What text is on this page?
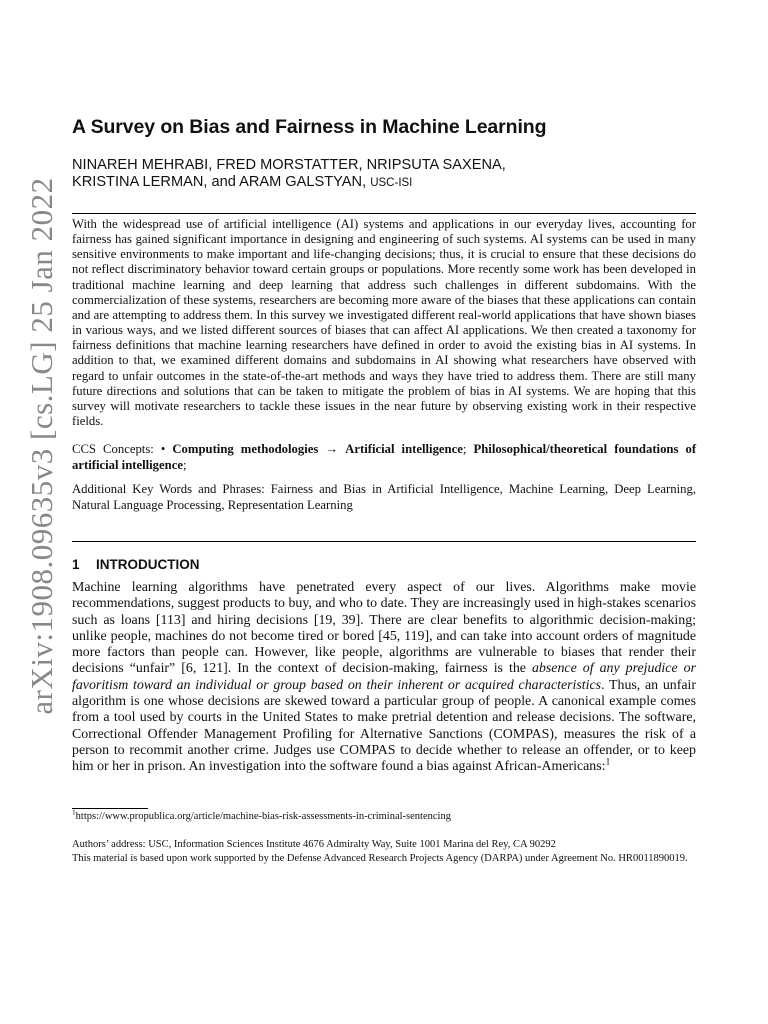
arXiv:1908.09635v3 [cs.LG] 25 Jan 2022
A Survey on Bias and Fairness in Machine Learning
NINAREH MEHRABI, FRED MORSTATTER, NRIPSUTA SAXENA,
KRISTINA LERMAN, and ARAM GALSTYAN, USC-ISI

With the widespread use of artificial intelligence (AI) systems and applications in our everyday lives, accounting for fairness has gained significant importance in designing and engineering of such systems. AI systems can be used in many sensitive environments to make important and life-changing decisions; thus, it is crucial to ensure that these decisions do not reflect discriminatory behavior toward certain groups or populations. More recently some work has been developed in traditional machine learning and deep learning that address such challenges in different subdomains. With the commercialization of these systems, researchers are becoming more aware of the biases that these applications can contain and are attempting to address them. In this survey we investigated different real-world applications that have shown biases in various ways, and we listed different sources of biases that can affect AI applications. We then created a taxonomy for fairness definitions that machine learning researchers have defined in order to avoid the existing bias in AI systems. In addition to that, we examined different domains and subdomains in AI showing what researchers have observed with regard to unfair outcomes in the state-of-the-art methods and ways they have tried to address them. There are still many future directions and solutions that can be taken to mitigate the problem of bias in AI systems. We are hoping that this survey will motivate researchers to tackle these issues in the near future by observing existing work in their respective fields.

CCS Concepts: • Computing methodologies → Artificial intelligence; Philosophical/theoretical foundations of artificial intelligence;

Additional Key Words and Phrases: Fairness and Bias in Artificial Intelligence, Machine Learning, Deep Learning, Natural Language Processing, Representation Learning

1 INTRODUCTION

Machine learning algorithms have penetrated every aspect of our lives. Algorithms make movie recommendations, suggest products to buy, and who to date. They are increasingly used in high-stakes scenarios such as loans [113] and hiring decisions [19, 39]. There are clear benefits to algorithmic decision-making; unlike people, machines do not become tired or bored [45, 119], and can take into account orders of magnitude more factors than people can. However, like people, algorithms are vulnerable to biases that render their decisions “unfair” [6, 121]. In the context of decision-making, fairness is the absence of any prejudice or favoritism toward an individual or group based on their inherent or acquired characteristics. Thus, an unfair algorithm is one whose decisions are skewed toward a particular group of people. A canonical example comes from a tool used by courts in the United States to make pretrial detention and release decisions. The software, Correctional Offender Management Profiling for Alternative Sanctions (COMPAS), measures the risk of a person to recommit another crime. Judges use COMPAS to decide whether to release an offender, or to keep him or her in prison. An investigation into the software found a bias against African-Americans:$^1$

$^1$https://www.propublica.org/article/machine-bias-risk-assessments-in-criminal-sentencing
Authors’ address: USC, Information Sciences Institute 4676 Admiralty Way, Suite 1001 Marina del Rey, CA 90292
This material is based upon work supported by the Defense Advanced Research Projects Agency (DARPA) under Agreement No. HR0011890019.
